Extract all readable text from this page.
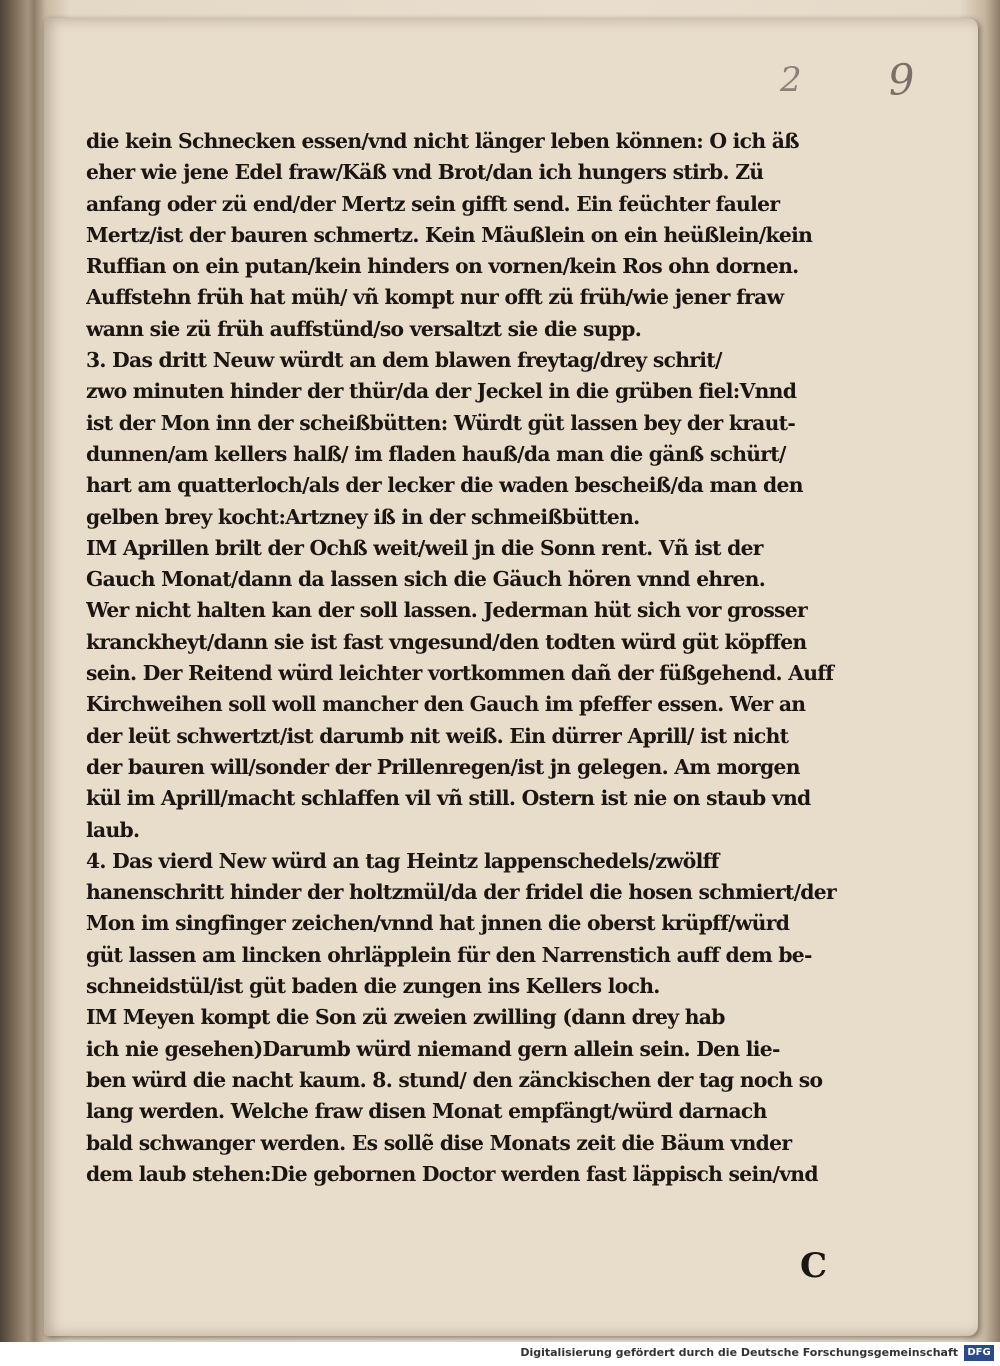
2 9
die kein Schnecken essen/vnd nicht länger leben können: O ich äß
eher wie jene Edel fraw/Käß vnd Brot/dan ich hungers stirb. Zü
anfang oder zü end/der Mertz sein gifft send. Ein feüchter fauler
Mertz/ist der bauren schmertz. Kein Mäußlein on ein heüßlein/kein
Ruffian on ein putan/kein hinders on vornen/kein Ros ohn dornen.
Auffstehn früh hat müh/ vñ kompt nur offt zü früh/wie jener fraw
wann sie zü früh auffstünd/so versaltzt sie die supp.
3. Das dritt Neuw würdt an dem blawen freytag/drey schrit/
zwo minuten hinder der thür/da der Jeckel in die grüben fiel:Vnnd
ist der Mon inn der scheißbütten: Würdt güt lassen bey der kraut-
dunnen/am kellers halß/ im fladen hauß/da man die gänß schürt/
hart am quatterloch/als der lecker die waden bescheiß/da man den
gelben brey kocht:Artzney iß in der schmeißbütten.
IM Aprillen brilt der Ochß weit/weil jn die Sonn rent. Vñ ist der
Gauch Monat/dann da lassen sich die Gäuch hören vnnd ehren.
Wer nicht halten kan der soll lassen. Jederman hüt sich vor grosser
kranckheyt/dann sie ist fast vngesund/den todten würd güt köpffen
sein. Der Reitend würd leichter vortkommen dañ der füßgehend. Auff
Kirchweihen soll woll mancher den Gauch im pfeffer essen. Wer an
der leüt schwertzt/ist darumb nit weiß. Ein dürrer Aprill/ ist nicht
der bauren will/sonder der Prillenregen/ist jn gelegen. Am morgen
kül im Aprill/macht schlaffen vil vñ still. Ostern ist nie on staub vnd
laub.
4. Das vierd New würd an tag Heintz lappenschedels/zwölff
hanenschritt hinder der holtzmül/da der fridel die hosen schmiert/der
Mon im singfinger zeichen/vnnd hat jnnen die oberst krüpff/würd
güt lassen am lincken ohrläpplein für den Narrenstich auff dem be-
schneidstül/ist güt baden die zungen ins Kellers loch.
IM Meyen kompt die Son zü zweien zwilling (dann drey hab
ich nie gesehen)Darumb würd niemand gern allein sein. Den lie-
ben würd die nacht kaum. 8. stund/ den zänckischen der tag noch so
lang werden. Welche fraw disen Monat empfängt/würd darnach
bald schwanger werden. Es sollẽ dise Monats zeit die Bäum vnder
dem laub stehen:Die gebornen Doctor werden fast läppisch sein/vnd
C
Digitalisierung gefördert durch die Deutsche Forschungsgemeinschaft DFG
